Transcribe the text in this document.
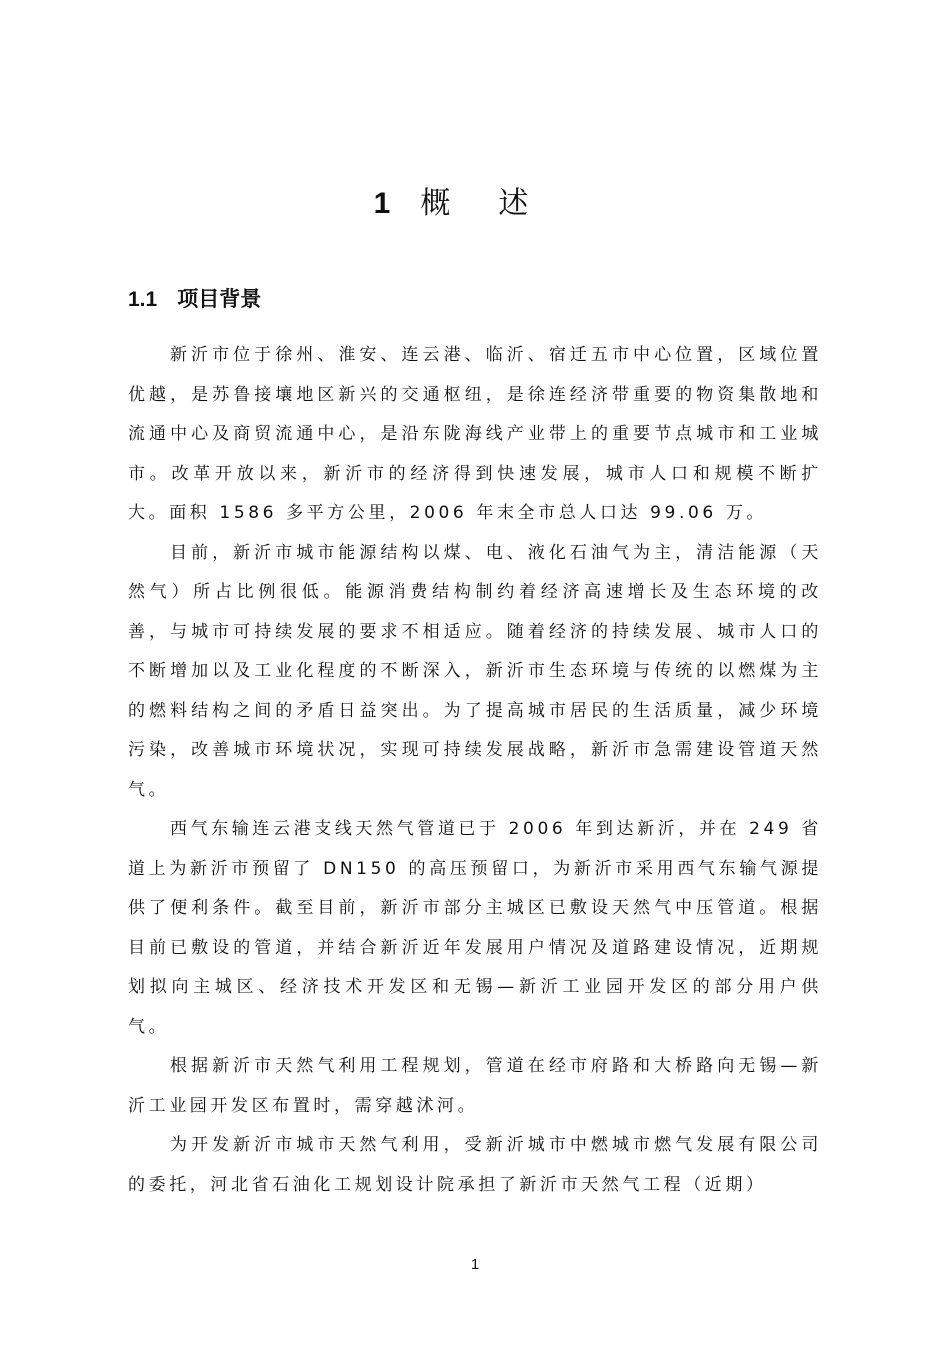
1 概述
1.1 项目背景

新沂市位于徐州、淮安、连云港、临沂、宿迁五市中心位置，区域位置优越，是苏鲁接壤地区新兴的交通枢纽，是徐连经济带重要的物资集散地和流通中心及商贸流通中心，是沿东陇海线产业带上的重要节点城市和工业城市。改革开放以来，新沂市的经济得到快速发展，城市人口和规模不断扩大。面积 1586 多平方公里，2006 年末全市总人口达 99.06 万。

目前，新沂市城市能源结构以煤、电、液化石油气为主，清洁能源（天然气）所占比例很低。能源消费结构制约着经济高速增长及生态环境的改善，与城市可持续发展的要求不相适应。随着经济的持续发展、城市人口的不断增加以及工业化程度的不断深入，新沂市生态环境与传统的以燃煤为主的燃料结构之间的矛盾日益突出。为了提高城市居民的生活质量，减少环境污染，改善城市环境状况，实现可持续发展战略，新沂市急需建设管道天然气。

西气东输连云港支线天然气管道已于 2006 年到达新沂，并在 249 省道上为新沂市预留了 DN150 的高压预留口，为新沂市采用西气东输气源提供了便利条件。截至目前，新沂市部分主城区已敷设天然气中压管道。根据目前已敷设的管道，并结合新沂近年发展用户情况及道路建设情况，近期规划拟向主城区、经济技术开发区和无锡—新沂工业园开发区的部分用户供气。

根据新沂市天然气利用工程规划，管道在经市府路和大桥路向无锡—新沂工业园开发区布置时，需穿越沭河。

为开发新沂市城市天然气利用，受新沂城市中燃城市燃气发展有限公司的委托，河北省石油化工规划设计院承担了新沂市天然气工程（近期）

1
